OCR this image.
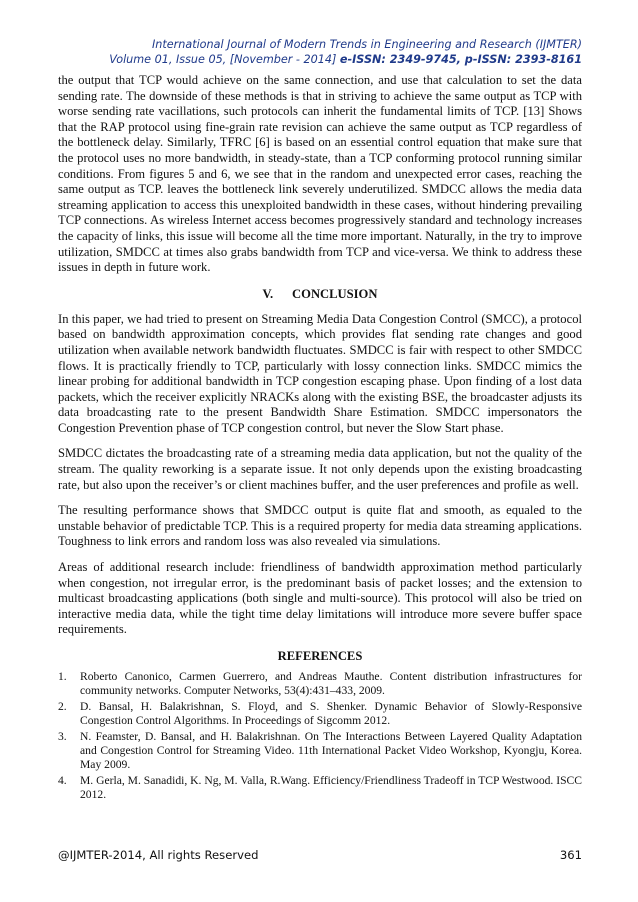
International Journal of Modern Trends in Engineering and Research (IJMTER)
Volume 01, Issue 05, [November - 2014] e-ISSN: 2349-9745, p-ISSN: 2393-8161

the output that TCP would achieve on the same connection, and use that calculation to set the data sending rate. The downside of these methods is that in striving to achieve the same output as TCP with worse sending rate vacillations, such protocols can inherit the fundamental limits of TCP. [13] Shows that the RAP protocol using fine-grain rate revision can achieve the same output as TCP regardless of the bottleneck delay. Similarly, TFRC [6] is based on an essential control equation that make sure that the protocol uses no more bandwidth, in steady-state, than a TCP conforming protocol running similar conditions. From figures 5 and 6, we see that in the random and unexpected error cases, reaching the same output as TCP. leaves the bottleneck link severely underutilized. SMDCC allows the media data streaming application to access this unexploited bandwidth in these cases, without hindering prevailing TCP connections. As wireless Internet access becomes progressively standard and technology increases the capacity of links, this issue will become all the time more important. Naturally, in the try to improve utilization, SMDCC at times also grabs bandwidth from TCP and vice-versa. We think to address these issues in depth in future work.

V.      CONCLUSION

In this paper, we had tried to present on Streaming Media Data Congestion Control (SMCC), a protocol based on bandwidth approximation concepts, which provides flat sending rate changes and good utilization when available network bandwidth fluctuates. SMDCC is fair with respect to other SMDCC flows. It is practically friendly to TCP, particularly with lossy connection links. SMDCC mimics the linear probing for additional bandwidth in TCP congestion escaping phase. Upon finding of a lost data packets, which the receiver explicitly NRACKs along with the existing BSE, the broadcaster adjusts its data broadcasting rate to the present Bandwidth Share Estimation. SMDCC impersonators the Congestion Prevention phase of TCP congestion control, but never the Slow Start phase.

SMDCC dictates the broadcasting rate of a streaming media data application, but not the quality of the stream. The quality reworking is a separate issue. It not only depends upon the existing broadcasting rate, but also upon the receiver’s or client machines buffer, and the user preferences and profile as well.

The resulting performance shows that SMDCC output is quite flat and smooth, as equaled to the unstable behavior of predictable TCP. This is a required property for media data streaming applications. Toughness to link errors and random loss was also revealed via simulations.

Areas of additional research include: friendliness of bandwidth approximation method particularly when congestion, not irregular error, is the predominant basis of packet losses; and the extension to multicast broadcasting applications (both single and multi-source). This protocol will also be tried on interactive media data, while the tight time delay limitations will introduce more severe buffer space requirements.

REFERENCES
1.	Roberto Canonico, Carmen Guerrero, and Andreas Mauthe. Content distribution infrastructures for community networks. Computer Networks, 53(4):431–433, 2009.
2.	D. Bansal, H. Balakrishnan, S. Floyd, and S. Shenker. Dynamic Behavior of Slowly-Responsive Congestion Control Algorithms. In Proceedings of Sigcomm 2012.
3.	N. Feamster, D. Bansal, and H. Balakrishnan. On The Interactions Between Layered Quality Adaptation and Congestion Control for Streaming Video. 11th International Packet Video Workshop, Kyongju, Korea. May 2009.
4.	M. Gerla, M. Sanadidi, K. Ng, M. Valla, R.Wang. Efficiency/Friendliness Tradeoff in TCP Westwood. ISCC 2012.
@IJMTER-2014, All rights Reserved	361
